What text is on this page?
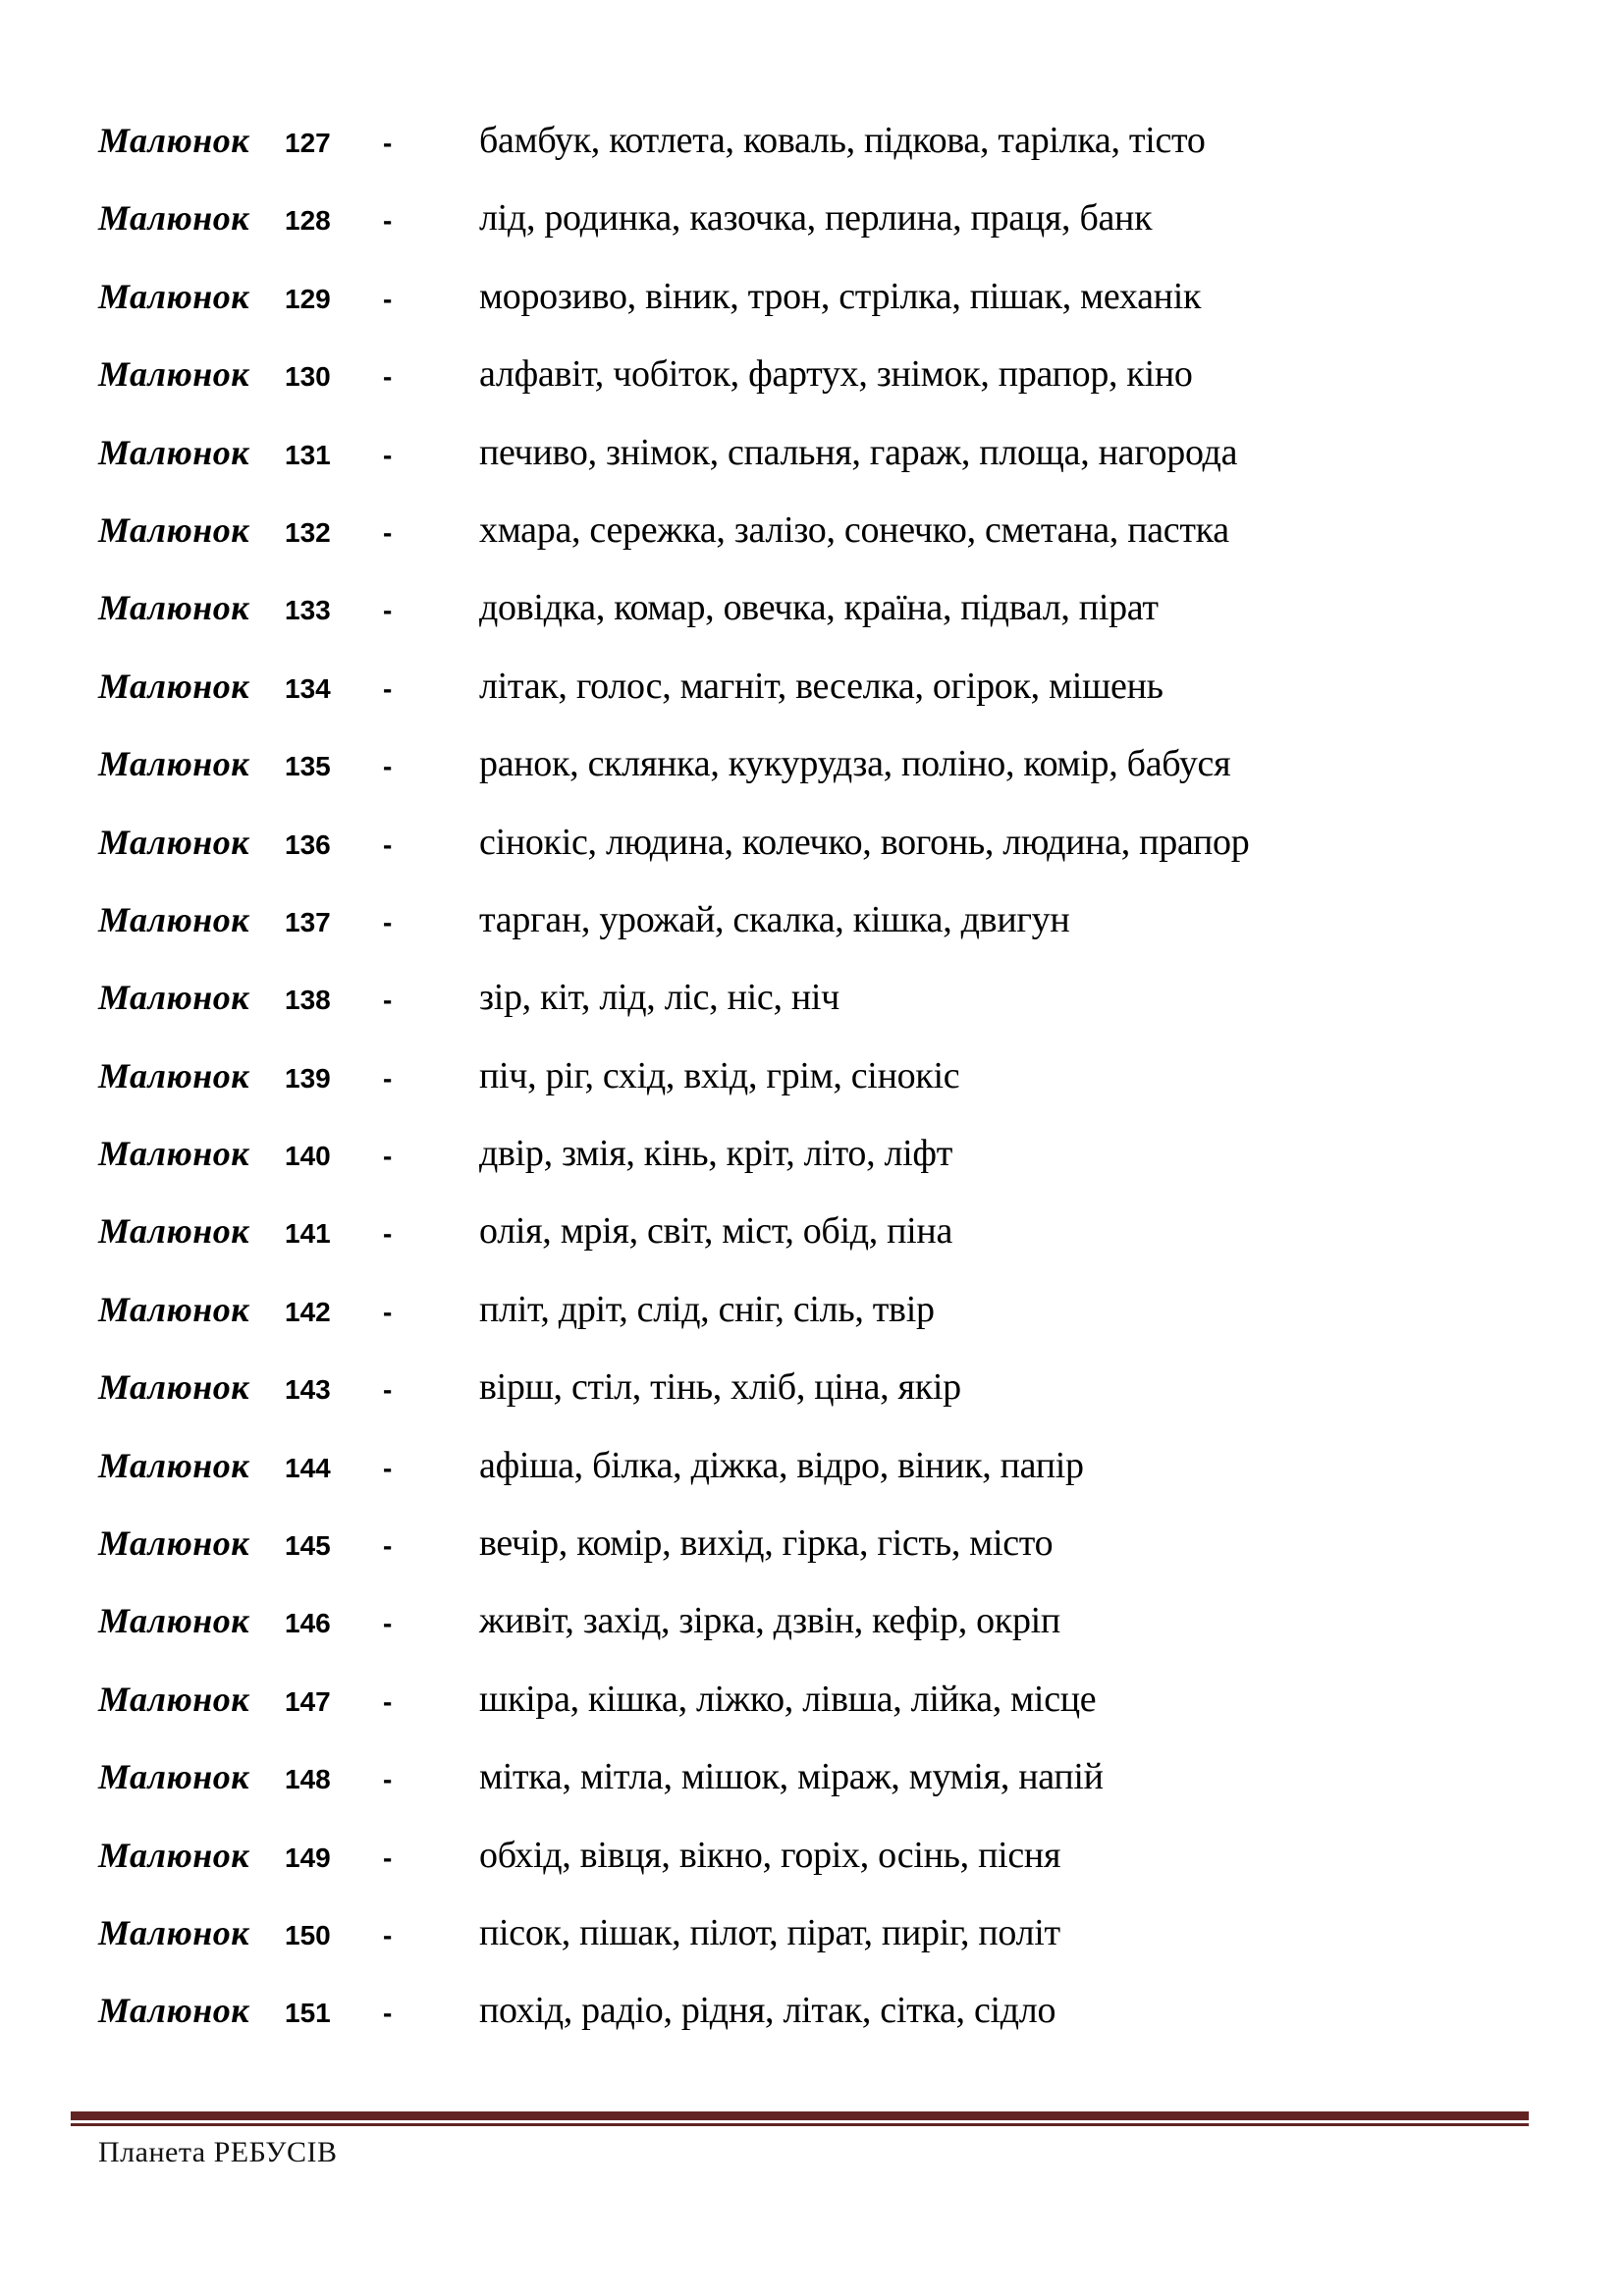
Малюнок	127	-	бамбук, котлета, коваль, підкова, тарілка, тісто
Малюнок	128	-	лід, родинка, казочка, перлина, праця, банк
Малюнок	129	-	морозиво, віник, трон, стрілка, пішак, механік
Малюнок	130	-	алфавіт, чобіток, фартух, знімок, прапор, кіно
Малюнок	131	-	печиво, знімок, спальня, гараж, площа, нагорода
Малюнок	132	-	хмара, сережка, залізо, сонечко, сметана, пастка
Малюнок	133	-	довідка, комар, овечка, країна, підвал, пірат
Малюнок	134	-	літак, голос, магніт, веселка, огірок, мішень
Малюнок	135	-	ранок, склянка, кукурудза, поліно, комір, бабуся
Малюнок	136	-	сінокіс, людина, колечко, вогонь, людина, прапор
Малюнок	137	-	тарган, урожай, скалка, кішка, двигун
Малюнок	138	-	зір, кіт, лід, ліс, ніс, ніч
Малюнок	139	-	піч, ріг, схід, вхід, грім, сінокіс
Малюнок	140	-	двір, змія, кінь, кріт, літо, ліфт
Малюнок	141	-	олія, мрія, світ, міст, обід, піна
Малюнок	142	-	пліт, дріт, слід, сніг, сіль, твір
Малюнок	143	-	вірш, стіл, тінь, хліб, ціна, якір
Малюнок	144	-	афіша, білка, діжка, відро, віник, папір
Малюнок	145	-	вечір, комір, вихід, гірка, гість, місто
Малюнок	146	-	живіт, захід, зірка, дзвін, кефір, окріп
Малюнок	147	-	шкіра, кішка, ліжко, лівша, лійка, місце
Малюнок	148	-	мітка, мітла, мішок, міраж, мумія, напій
Малюнок	149	-	обхід, вівця, вікно, горіх, осінь, пісня
Малюнок	150	-	пісок, пішак, пілот, пірат, пиріг, політ
Малюнок	151	-	похід, радіо, рідня, літак, сітка, сідло
Планета РЕБУСІВ
